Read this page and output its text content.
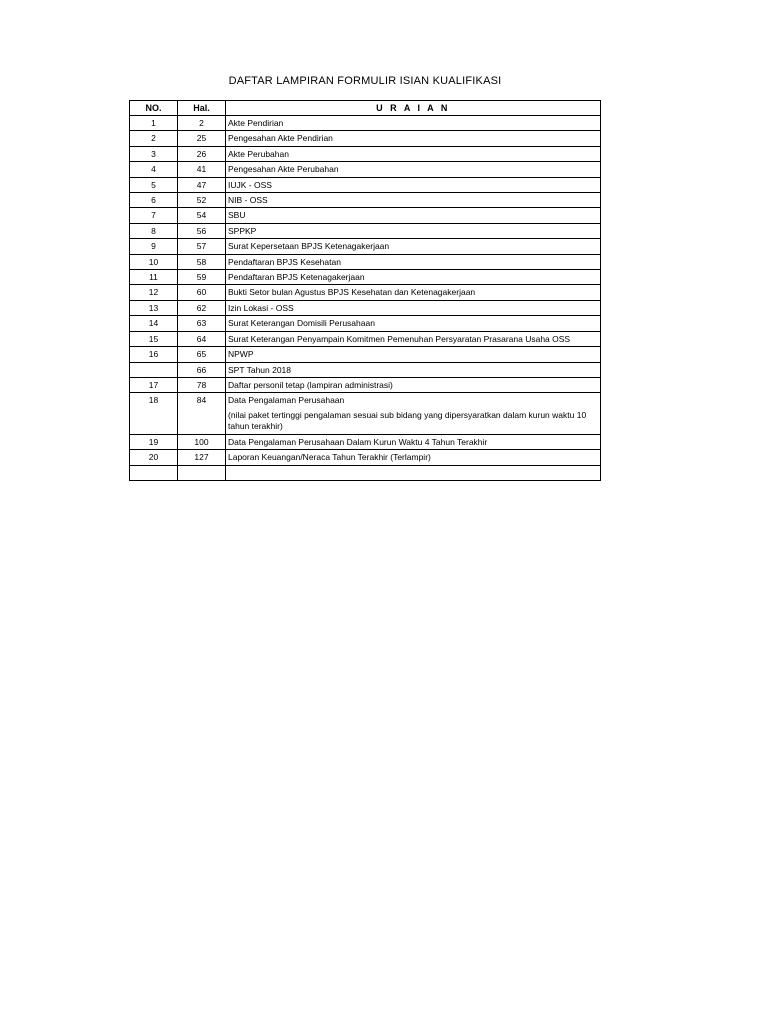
DAFTAR LAMPIRAN FORMULIR ISIAN KUALIFIKASI
NO.	Hal.	U R A I A N
1	2	Akte Pendirian
2	25	Pengesahan Akte Pendirian
3	26	Akte Perubahan
4	41	Pengesahan Akte Perubahan
5	47	IUJK - OSS
6	52	NIB - OSS
7	54	SBU
8	56	SPPKP
9	57	Surat Kepersetaan BPJS Ketenagakerjaan
10	58	Pendaftaran BPJS Kesehatan
11	59	Pendaftaran BPJS Ketenagakerjaan
12	60	Bukti Setor bulan Agustus BPJS Kesehatan dan Ketenagakerjaan
13	62	Izin Lokasi - OSS
14	63	Surat Keterangan Domisili Perusahaan
15	64	Surat Keterangan Penyampain Komitmen Pemenuhan Persyaratan Prasarana Usaha OSS
16	65	NPWP
	66	SPT Tahun 2018
17	78	Daftar personil tetap (lampiran administrasi)
18	84	Data Pengalaman Perusahaan
(nilai paket tertinggi pengalaman sesuai sub bidang yang dipersyaratkan dalam kurun waktu 10 tahun terakhir)

19	100	Data Pengalaman Perusahaan Dalam Kurun Waktu 4 Tahun Terakhir
20	127	Laporan Keuangan/Neraca Tahun Terakhir (Terlampir)
